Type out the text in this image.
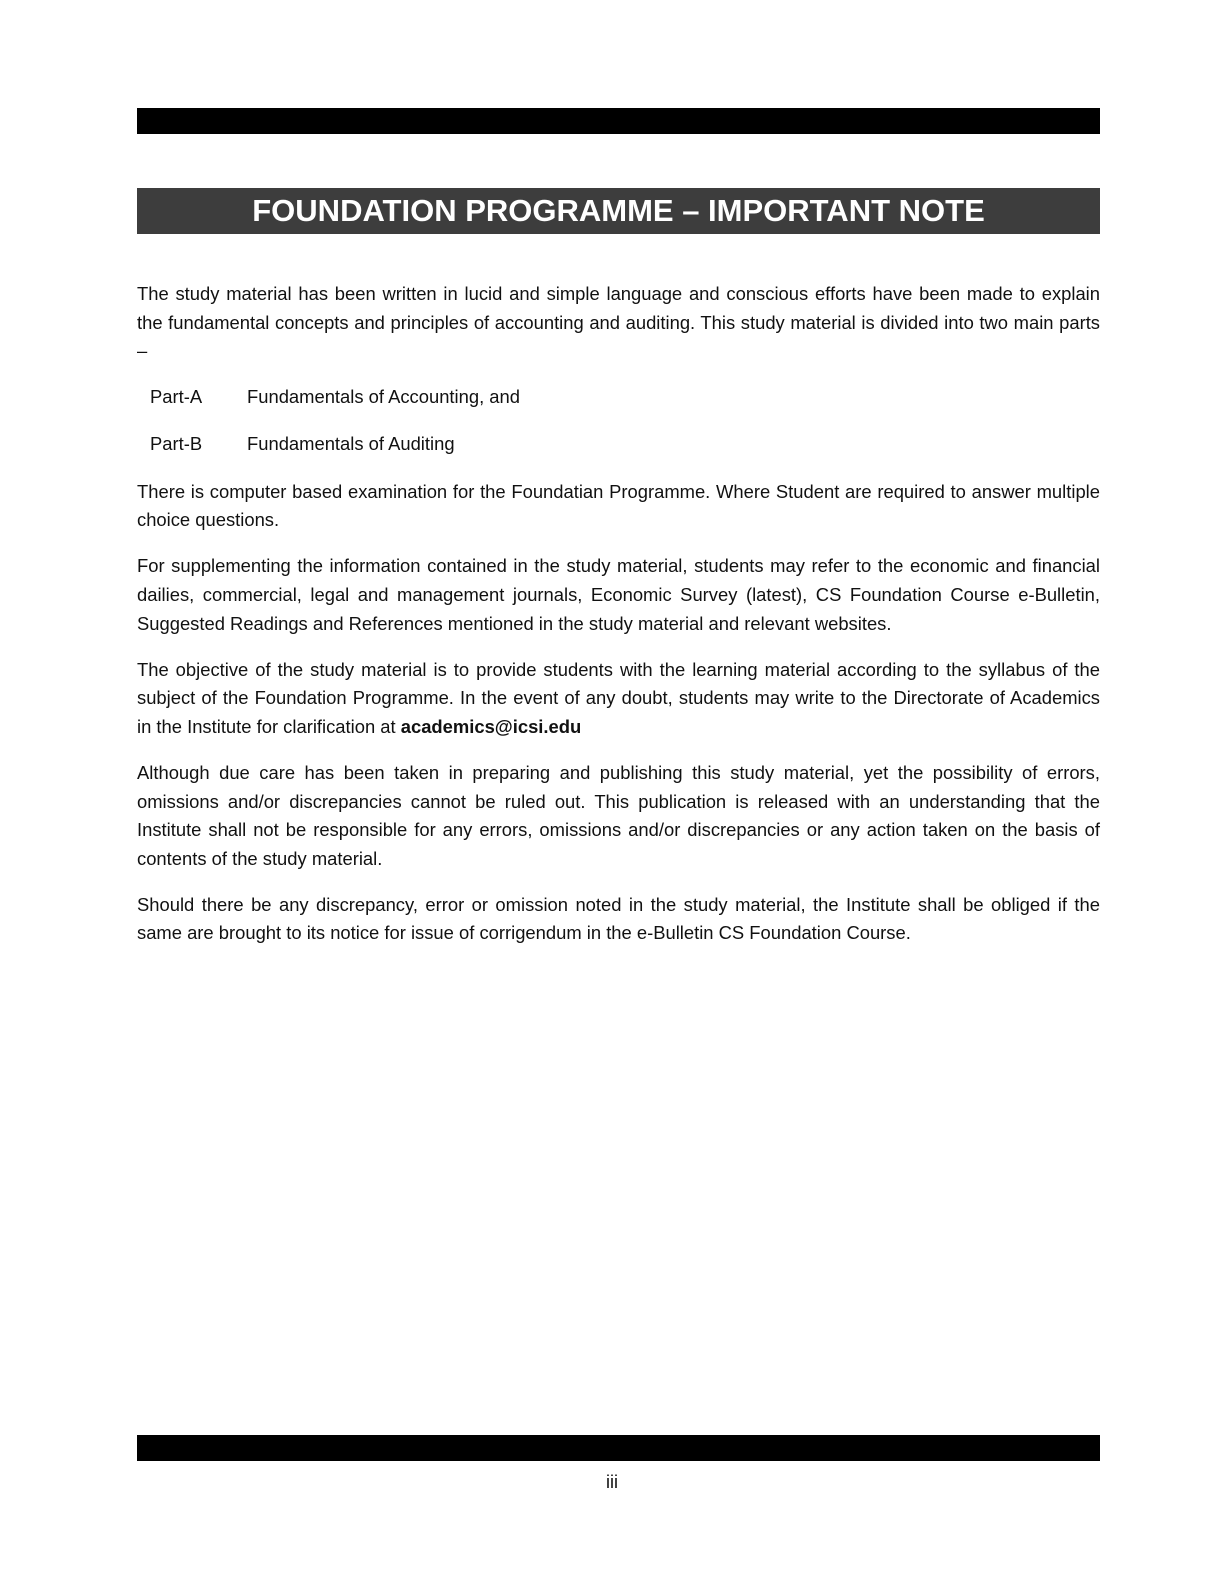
FOUNDATION PROGRAMME – IMPORTANT NOTE

The study material has been written in lucid and simple language and conscious efforts have been made to explain the fundamental concepts and principles of accounting and auditing. This study material is divided into two main parts –

Part-A	Fundamentals of Accounting, and
Part-B	Fundamentals of Auditing

There is computer based examination for the Foundatian Programme. Where Student are required to answer multiple choice questions.

For supplementing the information contained in the study material, students may refer to the economic and financial dailies, commercial, legal and management journals, Economic Survey (latest), CS Foundation Course e-Bulletin, Suggested Readings and References mentioned in the study material and relevant websites.

The objective of the study material is to provide students with the learning material according to the syllabus of the subject of the Foundation Programme. In the event of any doubt, students may write to the Directorate of Academics in the Institute for clarification at academics@icsi.edu

Although due care has been taken in preparing and publishing this study material, yet the possibility of errors, omissions and/or discrepancies cannot be ruled out. This publication is released with an understanding that the Institute shall not be responsible for any errors, omissions and/or discrepancies or any action taken on the basis of contents of the study material.

Should there be any discrepancy, error or omission noted in the study material, the Institute shall be obliged if the same are brought to its notice for issue of corrigendum in the e-Bulletin CS Foundation Course.

iii
